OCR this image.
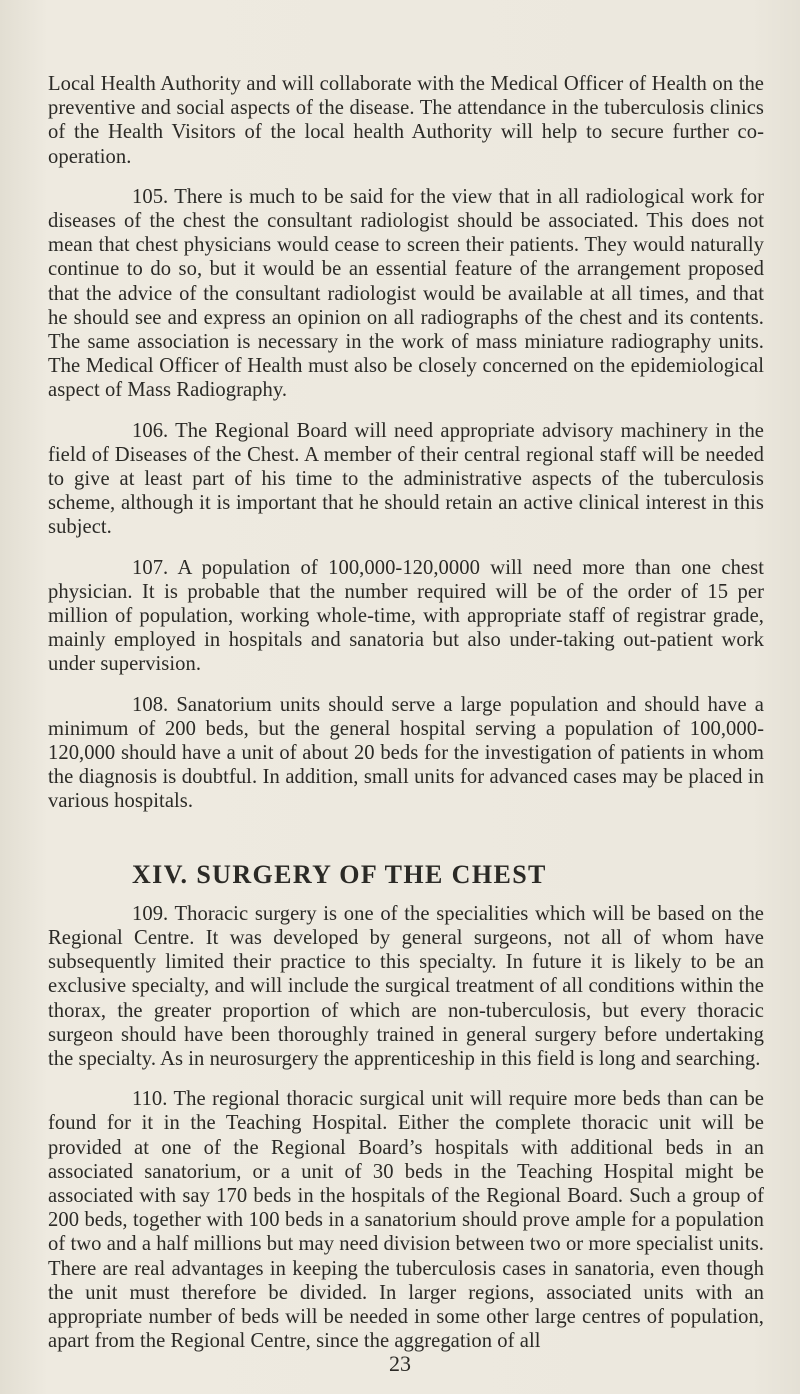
Local Health Authority and will collaborate with the Medical Officer of Health on the preventive and social aspects of the disease. The attendance in the tuberculosis clinics of the Health Visitors of the local health Authority will help to secure further co-operation.

105. There is much to be said for the view that in all radiological work for diseases of the chest the consultant radiologist should be associated. This does not mean that chest physicians would cease to screen their patients. They would naturally continue to do so, but it would be an essential feature of the arrangement proposed that the advice of the consultant radiologist would be available at all times, and that he should see and express an opinion on all radiographs of the chest and its contents. The same association is necessary in the work of mass miniature radiography units. The Medical Officer of Health must also be closely concerned on the epidemiological aspect of Mass Radiography.

106. The Regional Board will need appropriate advisory machinery in the field of Diseases of the Chest. A member of their central regional staff will be needed to give at least part of his time to the administrative aspects of the tuberculosis scheme, although it is important that he should retain an active clinical interest in this subject.

107. A population of 100,000-120,0000 will need more than one chest physician. It is probable that the number required will be of the order of 15 per million of population, working whole-time, with appropriate staff of registrar grade, mainly employed in hospitals and sanatoria but also under-taking out-patient work under supervision.

108. Sanatorium units should serve a large population and should have a minimum of 200 beds, but the general hospital serving a population of 100,000-120,000 should have a unit of about 20 beds for the investigation of patients in whom the diagnosis is doubtful. In addition, small units for advanced cases may be placed in various hospitals.

XIV. SURGERY OF THE CHEST

109. Thoracic surgery is one of the specialities which will be based on the Regional Centre. It was developed by general surgeons, not all of whom have subsequently limited their practice to this specialty. In future it is likely to be an exclusive specialty, and will include the surgical treatment of all conditions within the thorax, the greater proportion of which are non-tuberculosis, but every thoracic surgeon should have been thoroughly trained in general surgery before undertaking the specialty. As in neurosurgery the apprenticeship in this field is long and searching.

110. The regional thoracic surgical unit will require more beds than can be found for it in the Teaching Hospital. Either the complete thoracic unit will be provided at one of the Regional Board’s hospitals with additional beds in an associated sanatorium, or a unit of 30 beds in the Teaching Hospital might be associated with say 170 beds in the hospitals of the Regional Board. Such a group of 200 beds, together with 100 beds in a sanatorium should prove ample for a population of two and a half millions but may need division between two or more specialist units. There are real advantages in keeping the tuberculosis cases in sanatoria, even though the unit must therefore be divided. In larger regions, associated units with an appropriate number of beds will be needed in some other large centres of population, apart from the Regional Centre, since the aggregation of all

23
